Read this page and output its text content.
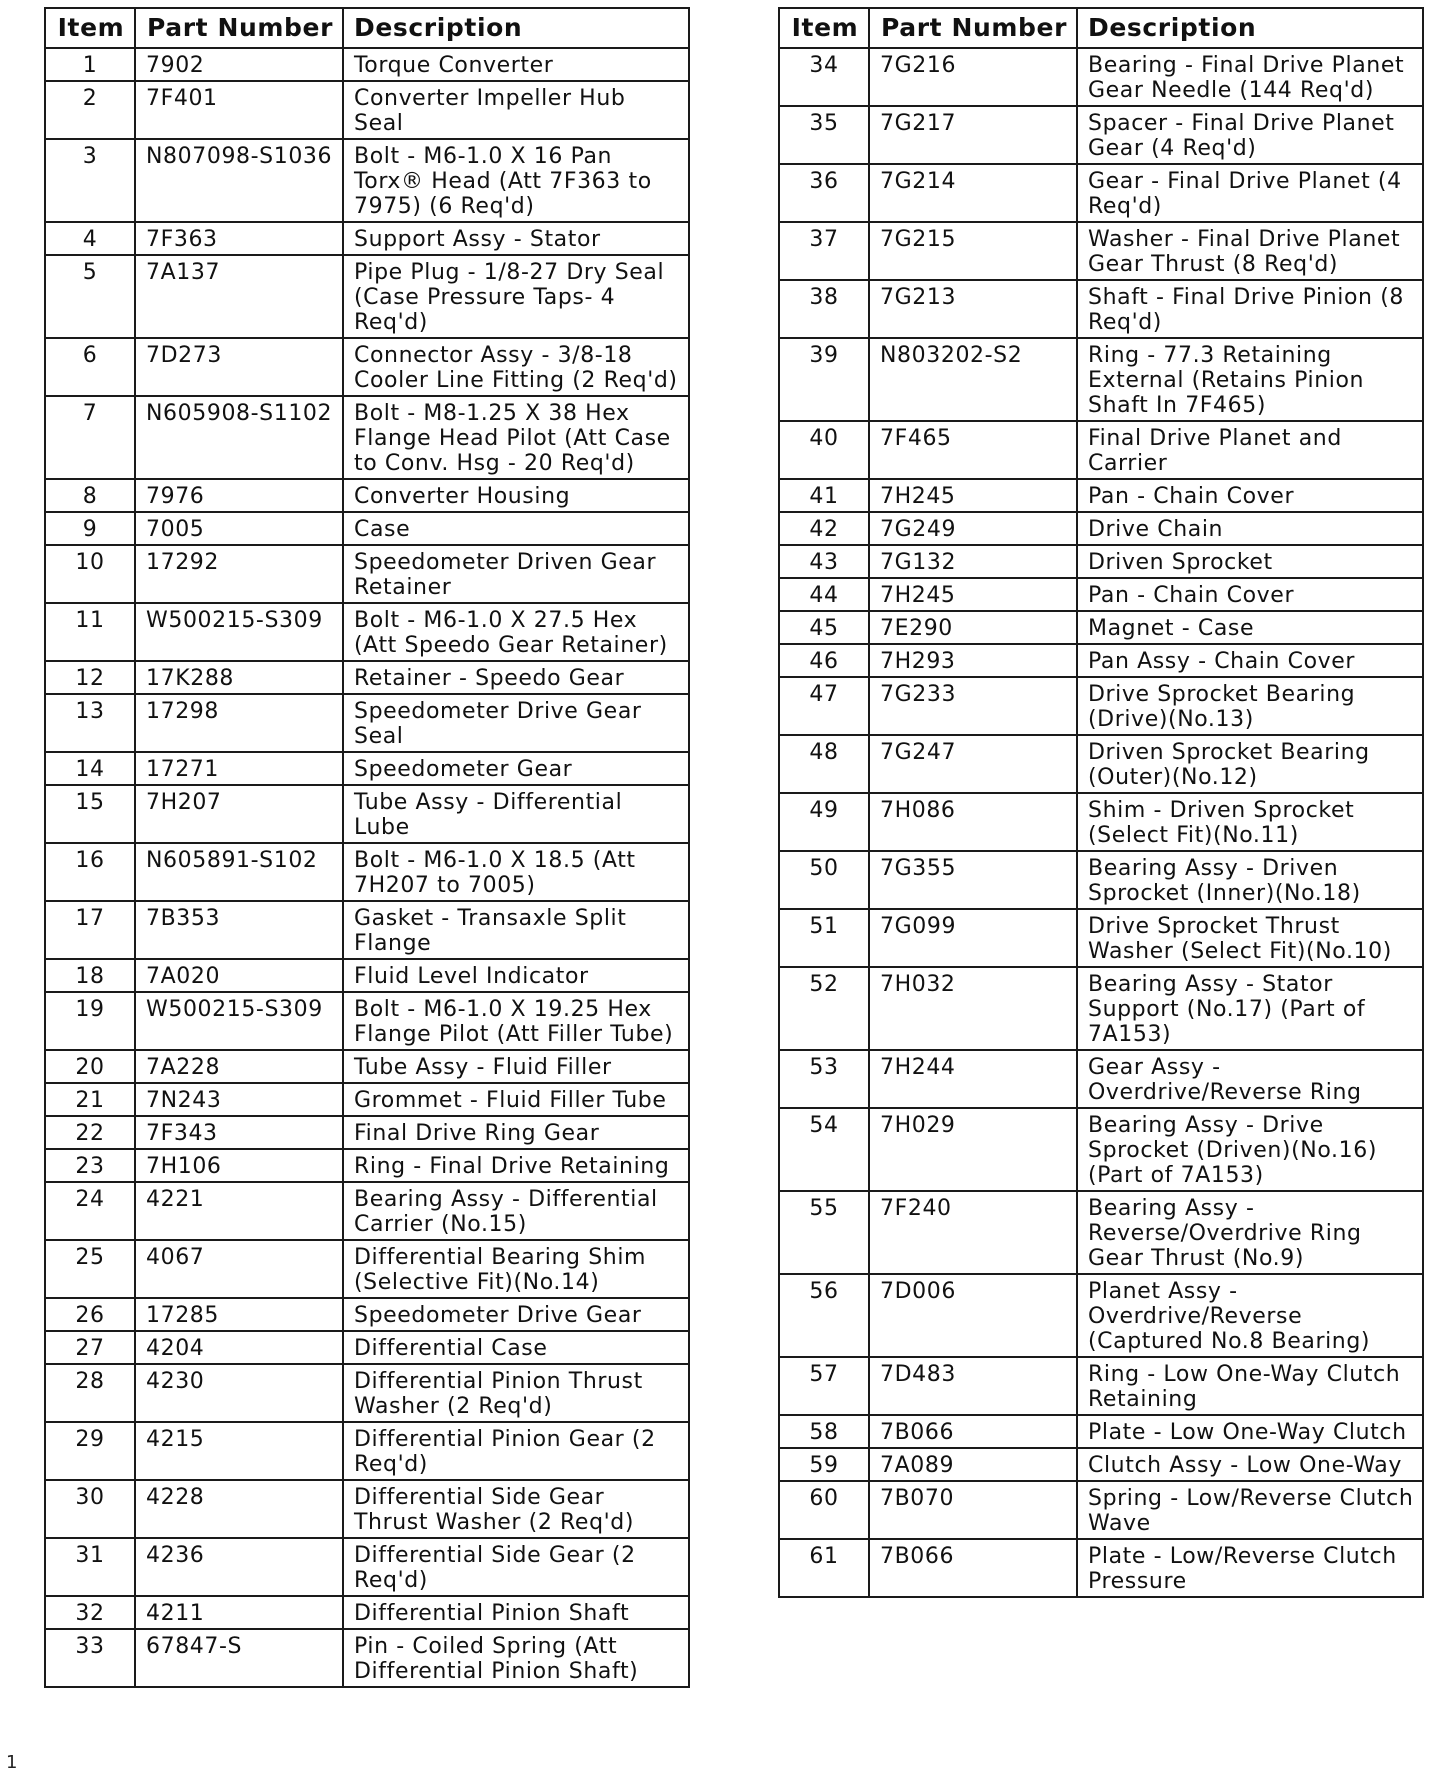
Item	Part Number	Description
1	7902	Torque Converter
2	7F401	Converter Impeller Hub Seal
3	N807098-S1036	Bolt - M6-1.0 X 16 Pan Torx® Head (Att 7F363 to 7975) (6 Req'd)
4	7F363	Support Assy - Stator
5	7A137	Pipe Plug - 1/8-27 Dry Seal (Case Pressure Taps- 4 Req'd)
6	7D273	Connector Assy - 3/8-18 Cooler Line Fitting (2 Req'd)
7	N605908-S1102	Bolt - M8-1.25 X 38 Hex Flange Head Pilot (Att Case to Conv. Hsg - 20 Req'd)
8	7976	Converter Housing
9	7005	Case
10	17292	Speedometer Driven Gear Retainer
11	W500215-S309	Bolt - M6-1.0 X 27.5 Hex (Att Speedo Gear Retainer)
12	17K288	Retainer - Speedo Gear
13	17298	Speedometer Drive Gear Seal
14	17271	Speedometer Gear
15	7H207	Tube Assy - Differential Lube
16	N605891-S102	Bolt - M6-1.0 X 18.5 (Att 7H207 to 7005)
17	7B353	Gasket - Transaxle Split Flange
18	7A020	Fluid Level Indicator
19	W500215-S309	Bolt - M6-1.0 X 19.25 Hex Flange Pilot (Att Filler Tube)
20	7A228	Tube Assy - Fluid Filler
21	7N243	Grommet - Fluid Filler Tube
22	7F343	Final Drive Ring Gear
23	7H106	Ring - Final Drive Retaining
24	4221	Bearing Assy - Differential Carrier (No.15)
25	4067	Differential Bearing Shim (Selective Fit)(No.14)
26	17285	Speedometer Drive Gear
27	4204	Differential Case
28	4230	Differential Pinion Thrust Washer (2 Req'd)
29	4215	Differential Pinion Gear (2 Req'd)
30	4228	Differential Side Gear Thrust Washer (2 Req'd)
31	4236	Differential Side Gear (2 Req'd)
32	4211	Differential Pinion Shaft
33	67847-S	Pin - Coiled Spring (Att Differential Pinion Shaft)
Item	Part Number	Description
34	7G216	Bearing - Final Drive Planet Gear Needle (144 Req'd)
35	7G217	Spacer - Final Drive Planet Gear (4 Req'd)
36	7G214	Gear - Final Drive Planet (4 Req'd)
37	7G215	Washer - Final Drive Planet Gear Thrust (8 Req'd)
38	7G213	Shaft - Final Drive Pinion (8 Req'd)
39	N803202-S2	Ring - 77.3 Retaining External (Retains Pinion Shaft In 7F465)
40	7F465	Final Drive Planet and Carrier
41	7H245	Pan - Chain Cover
42	7G249	Drive Chain
43	7G132	Driven Sprocket
44	7H245	Pan - Chain Cover
45	7E290	Magnet - Case
46	7H293	Pan Assy - Chain Cover
47	7G233	Drive Sprocket Bearing (Drive)(No.13)
48	7G247	Driven Sprocket Bearing (Outer)(No.12)
49	7H086	Shim - Driven Sprocket (Select Fit)(No.11)
50	7G355	Bearing Assy - Driven Sprocket (Inner)(No.18)
51	7G099	Drive Sprocket Thrust Washer (Select Fit)(No.10)
52	7H032	Bearing Assy - Stator Support (No.17) (Part of 7A153)
53	7H244	Gear Assy - Overdrive/Reverse Ring
54	7H029	Bearing Assy - Drive Sprocket (Driven)(No.16)(Part of 7A153)
55	7F240	Bearing Assy - Reverse/Overdrive Ring Gear Thrust (No.9)
56	7D006	Planet Assy - Overdrive/Reverse (Captured No.8 Bearing)
57	7D483	Ring - Low One-Way Clutch Retaining
58	7B066	Plate - Low One-Way Clutch
59	7A089	Clutch Assy - Low One-Way
60	7B070	Spring - Low/Reverse Clutch Wave
61	7B066	Plate - Low/Reverse Clutch Pressure
1
